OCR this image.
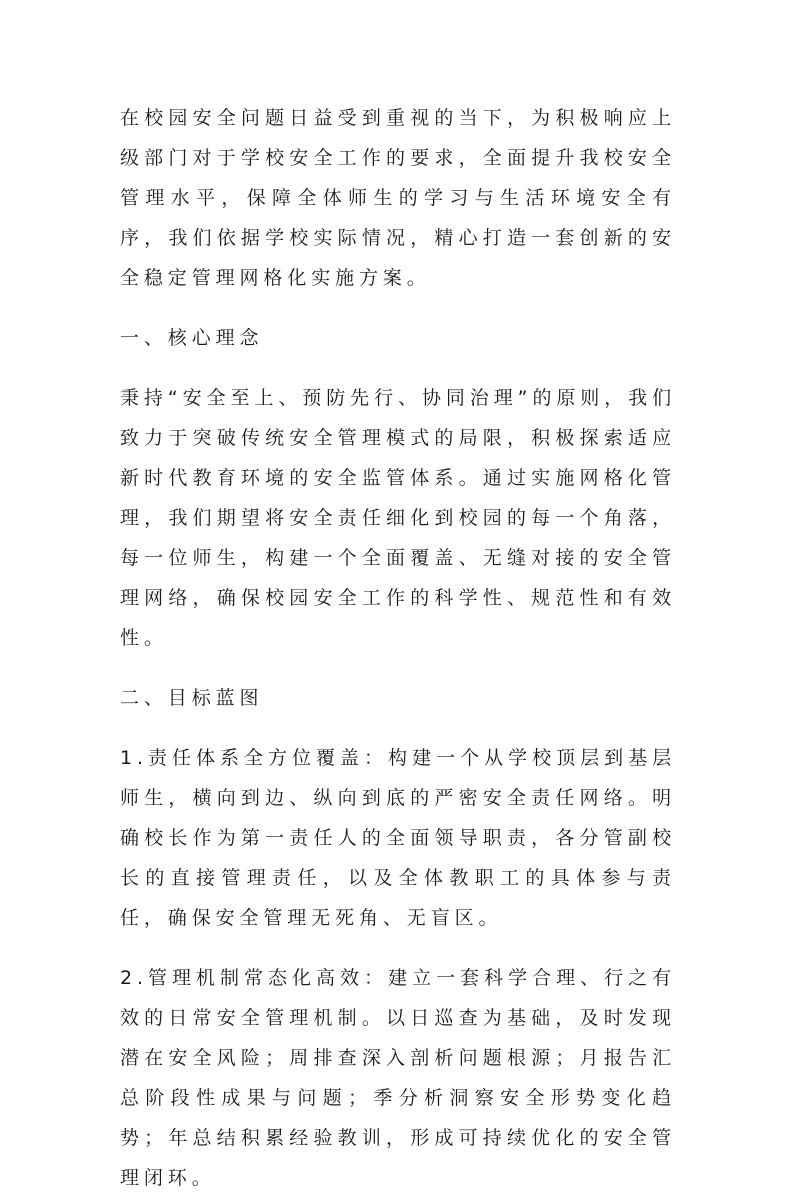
在校园安全问题日益受到重视的当下，为积极响应上级部门对于学校安全工作的要求，全面提升我校安全管理水平，保障全体师生的学习与生活环境安全有序，我们依据学校实际情况，精心打造一套创新的安全稳定管理网格化实施方案。

一、核心理念

秉持“安全至上、预防先行、协同治理”的原则，我们致力于突破传统安全管理模式的局限，积极探索适应新时代教育环境的安全监管体系。通过实施网格化管理，我们期望将安全责任细化到校园的每一个角落，每一位师生，构建一个全面覆盖、无缝对接的安全管理网络，确保校园安全工作的科学性、规范性和有效性。

二、目标蓝图

1.责任体系全方位覆盖：构建一个从学校顶层到基层师生，横向到边、纵向到底的严密安全责任网络。明确校长作为第一责任人的全面领导职责，各分管副校长的直接管理责任，以及全体教职工的具体参与责任，确保安全管理无死角、无盲区。

2.管理机制常态化高效：建立一套科学合理、行之有效的日常安全管理机制。以日巡查为基础，及时发现潜在安全风险；周排查深入剖析问题根源；月报告汇总阶段性成果与问题；季分析洞察安全形势变化趋势；年总结积累经验教训，形成可持续优化的安全管理闭环。
